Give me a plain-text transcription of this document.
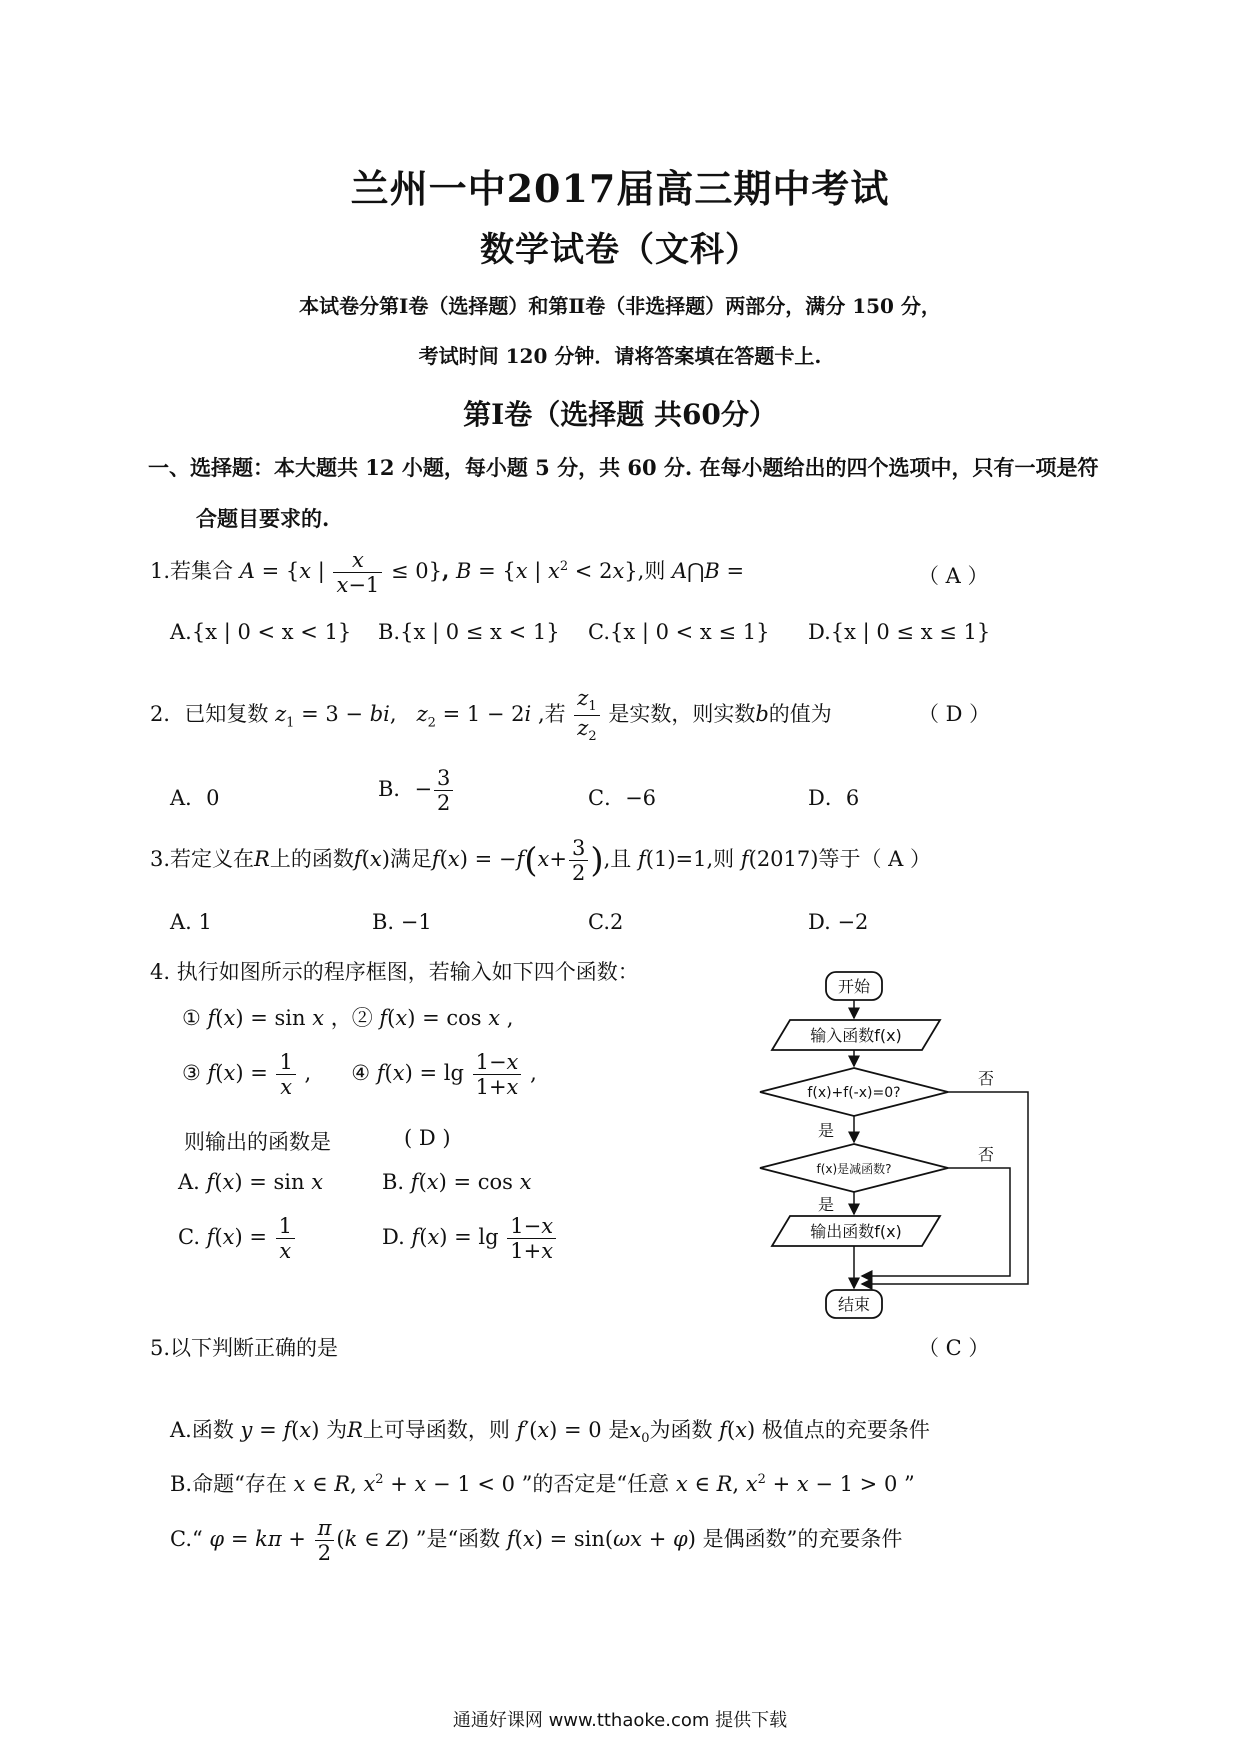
兰州一中2017届高三期中考试
数学试卷（文科）
本试卷分第Ⅰ卷（选择题）和第Ⅱ卷（非选择题）两部分，满分 150 分，
考试时间 120 分钟．请将答案填在答题卡上.
第Ⅰ卷（选择题 共60分）
一、选择题：本大题共 12 小题，每小题 5 分，共 60 分. 在每小题给出的四个选项中，只有一项是符
合题目要求的.
1.若集合 A = {x | $\frac{x}{x-1} \le 0$}, B = {x | $x^2 < 2x$},则 A⋂B =	（ A ）
A.{x | 0 < x < 1} B.{x | 0 ≤ x < 1} C.{x | 0 < x ≤ 1} D.{x | 0 ≤ x ≤ 1}
2．已知复数 $z_1 = 3$ − bi,   $z_2 = 1 - 2i$ ,若 $\frac{z_1}{z_2}$ 是实数，则实数b的值为	（ D ）
A．0	B．− $\frac{3}{2}$	C．−6	D．6
3.若定义在R上的函数f(x)满足$f(x) = -f(x+ \frac{3}{2}$ ),且 f(1)=1,则 f(2017)等于（ A ）
A. 1	B. −1	C.2	D. −2
4. 执行如图所示的程序框图，若输入如下四个函数：
① f(x) = sin x ，② f(x) = cos x ,
③ $f(x) = \frac{1}{x}$ ,      ④ $f(x) = \lg \frac{1-x}{1+x}$ ,
则输出的函数是	( D )
A. f(x) = sin x	B. f(x) = cos x
C. $f(x) = \frac{1}{x}$	D. $f(x) = \lg \frac{1-x}{1+x}$
开始
输入函数f(x)
f(x)+f(-x)=0?
否
是
f(x)是减函数?
否
是
输出函数f(x)
结束
5.以下判断正确的是	（ C ）
A.函数 y = f(x) 为R上可导函数，则 f′(x) = 0 是$x_0$为函数 f(x) 极值点的充要条件
B.命题“存在 x ∈ R, $x^2 + x - 1 < 0$ ”的否定是“任意 x ∈ R, $x^2 + x - 1 > 0$ ”
C.“ $\varphi = k\pi + \frac{\pi}{2} (k$ ∈ Z) ”是“函数 f(x) = sin(ωx + φ) 是偶函数”的充要条件
通通好课网 www.tthaoke.com 提供下载
